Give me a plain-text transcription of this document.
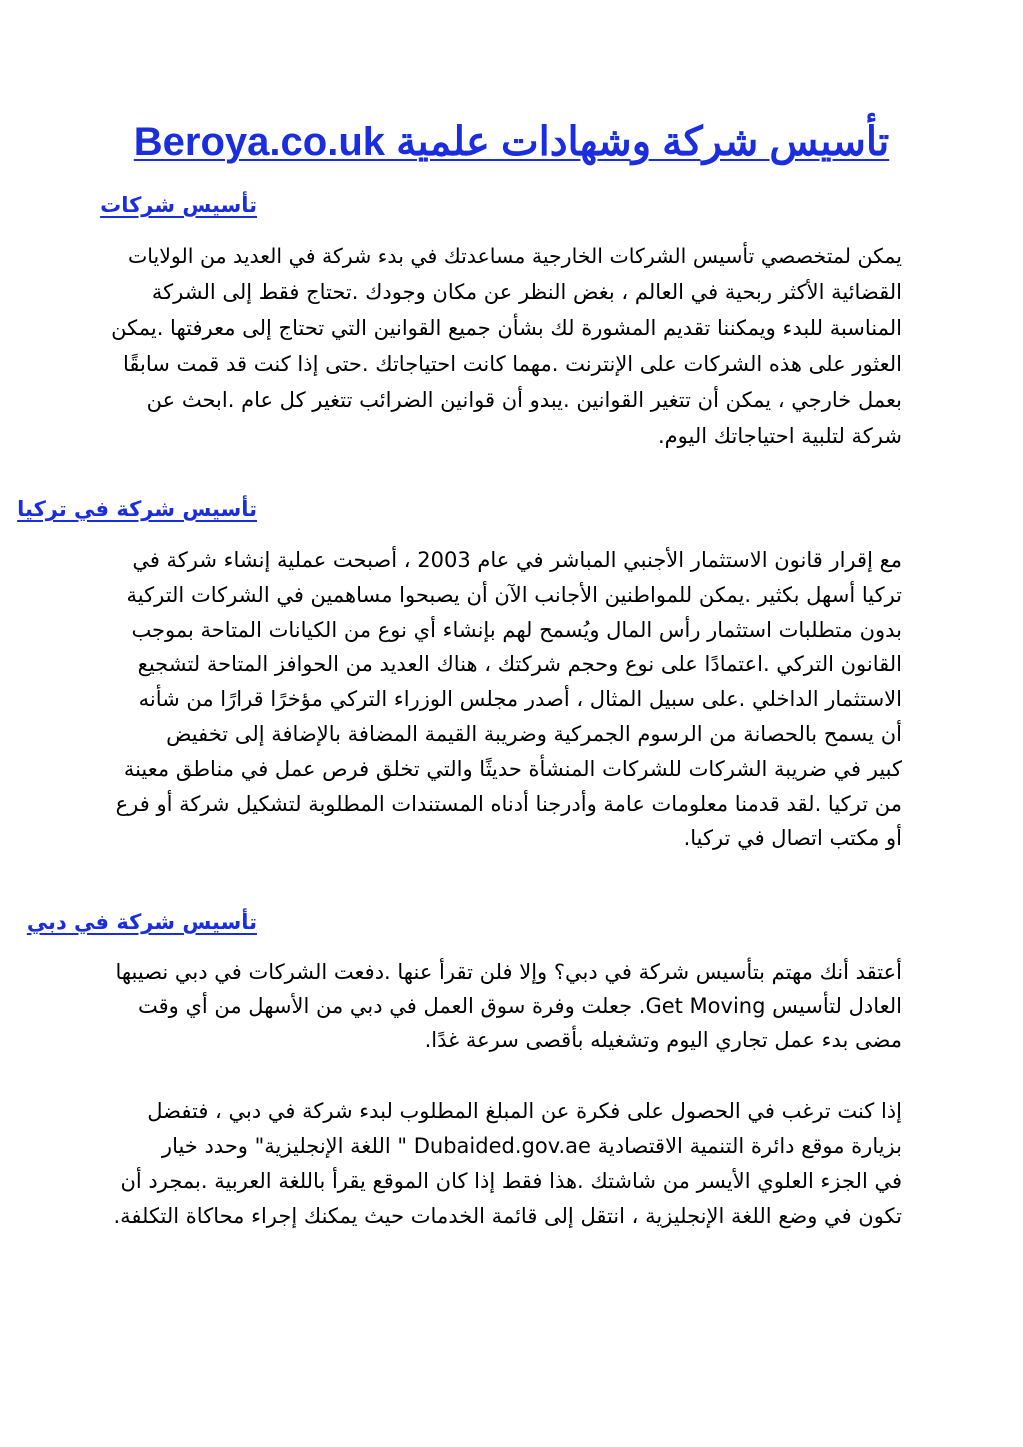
تأسيس شركة وشهادات علمية Beroya.co.uk
تأسيس شركات
يمكن لمتخصصي تأسيس الشركات الخارجية مساعدتك في بدء شركة في العديد من الولايات
القضائية الأكثر ربحية في العالم ، بغض النظر عن مكان وجودك .تحتاج فقط إلى الشركة
المناسبة للبدء ويمكننا تقديم المشورة لك بشأن جميع القوانين التي تحتاج إلى معرفتها .يمكن
العثور على هذه الشركات على الإنترنت .مهما كانت احتياجاتك .حتى إذا كنت قد قمت سابقًا
بعمل خارجي ، يمكن أن تتغير القوانين .يبدو أن قوانين الضرائب تتغير كل عام .ابحث عن
شركة لتلبية احتياجاتك اليوم.
تأسيس شركة في تركيا
مع إقرار قانون الاستثمار الأجنبي المباشر في عام 2003 ، أصبحت عملية إنشاء شركة في
تركيا أسهل بكثير .يمكن للمواطنين الأجانب الآن أن يصبحوا مساهمين في الشركات التركية
بدون متطلبات استثمار رأس المال ويُسمح لهم بإنشاء أي نوع من الكيانات المتاحة بموجب
القانون التركي .اعتمادًا على نوع وحجم شركتك ، هناك العديد من الحوافز المتاحة لتشجيع
الاستثمار الداخلي .على سبيل المثال ، أصدر مجلس الوزراء التركي مؤخرًا قرارًا من شأنه
أن يسمح بالحصانة من الرسوم الجمركية وضريبة القيمة المضافة بالإضافة إلى تخفيض
كبير في ضريبة الشركات للشركات المنشأة حديثًا والتي تخلق فرص عمل في مناطق معينة
من تركيا .لقد قدمنا معلومات عامة وأدرجنا أدناه المستندات المطلوبة لتشكيل شركة أو فرع
أو مكتب اتصال في تركيا.
تأسيس شركة في دبي
أعتقد أنك مهتم بتأسيس شركة في دبي؟ وإلا فلن تقرأ عنها .دفعت الشركات في دبي نصيبها
العادل لتأسيس Get Moving. جعلت وفرة سوق العمل في دبي من الأسهل من أي وقت
مضى بدء عمل تجاري اليوم وتشغيله بأقصى سرعة غدًا.
إذا كنت ترغب في الحصول على فكرة عن المبلغ المطلوب لبدء شركة في دبي ، فتفضل
بزيارة موقع دائرة التنمية الاقتصادية Dubaided.gov.ae " اللغة الإنجليزية" وحدد خيار
في الجزء العلوي الأيسر من شاشتك .هذا فقط إذا كان الموقع يقرأ باللغة العربية .بمجرد أن
تكون في وضع اللغة الإنجليزية ، انتقل إلى قائمة الخدمات حيث يمكنك إجراء محاكاة التكلفة.
